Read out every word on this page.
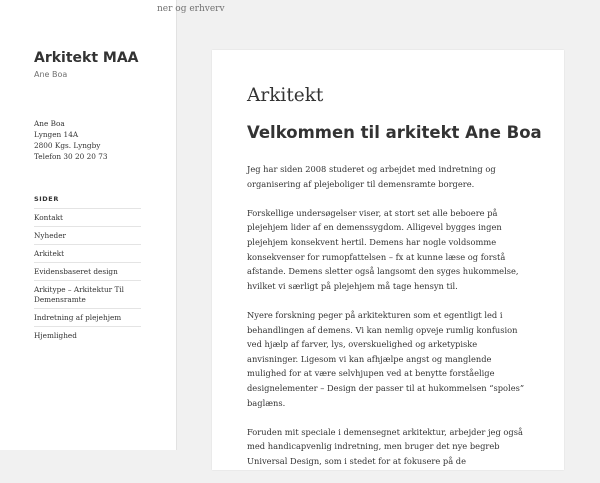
Arkitekt MAA
Ane Boa
Ane Boa
Lyngen 14A
2800 Kgs. Lyngby
Telefon 30 20 20 73
SIDER
Kontakt
Nyheder
Arkitekt
Evidensbaseret design
Arkitype – Arkitektur Til
Demensramte
Indretning af plejehjem
Hjemlighed
ner og erhverv
Arkitekt
Velkommen til arkitekt Ane Boa

Jeg har siden 2008 studeret og arbejdet med indretning og
organisering af plejeboliger til demensramte borgere.

Forskellige undersøgelser viser, at stort set alle beboere på
plejehjem lider af en demenssygdom. Alligevel bygges ingen
plejehjem konsekvent hertil. Demens har nogle voldsomme
konsekvenser for rumopfattelsen – fx at kunne læse og forstå
afstande. Demens sletter også langsomt den syges hukommelse,
hvilket vi særligt på plejehjem må tage hensyn til.

Nyere forskning peger på arkitekturen som et egentligt led i
behandlingen af demens. Vi kan nemlig opveje rumlig konfusion
ved hjælp af farver, lys, overskuelighed og arketypiske
anvisninger. Ligesom vi kan afhjælpe angst og manglende
mulighed for at være selvhjupen ved at benytte forståelige
designelementer – Design der passer til at hukommelsen “spoles”
baglæns.

Foruden mit speciale i demensegnet arkitektur, arbejder jeg også
med handicapvenlig indretning, men bruger det nye begreb
Universal Design, som i stedet for at fokusere på de
